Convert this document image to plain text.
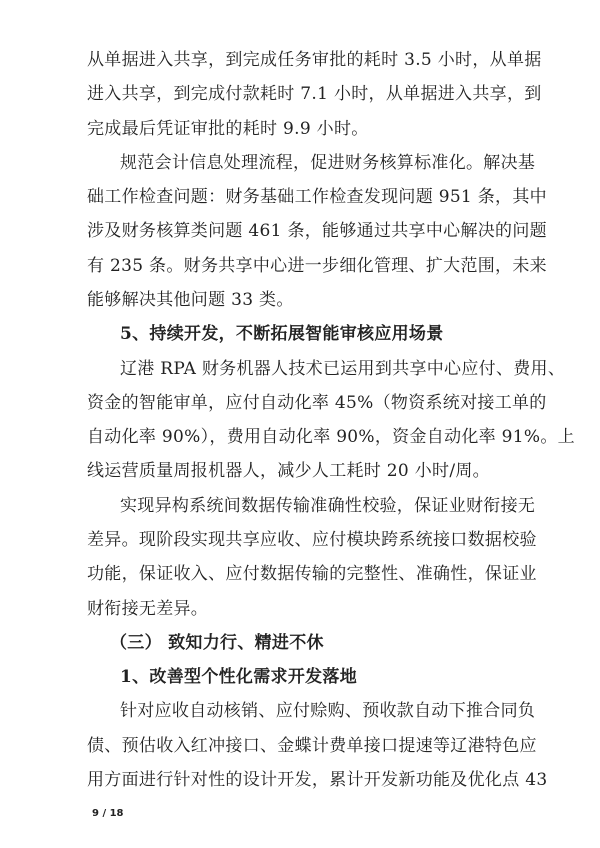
从单据进入共享，到完成任务审批的耗时 3.5 小时，从单据
进入共享，到完成付款耗时 7.1 小时，从单据进入共享，到
完成最后凭证审批的耗时 9.9 小时。
规范会计信息处理流程，促进财务核算标准化。解决基
础工作检查问题：财务基础工作检查发现问题 951 条，其中
涉及财务核算类问题 461 条，能够通过共享中心解决的问题
有 235 条。财务共享中心进一步细化管理、扩大范围，未来
能够解决其他问题 33 类。
5、持续开发，不断拓展智能审核应用场景
辽港 RPA 财务机器人技术已运用到共享中心应付、费用、
资金的智能审单，应付自动化率 45%（物资系统对接工单的
自动化率 90%），费用自动化率 90%，资金自动化率 91%。上
线运营质量周报机器人，减少人工耗时 20 小时/周。
实现异构系统间数据传输准确性校验，保证业财衔接无
差异。现阶段实现共享应收、应付模块跨系统接口数据校验
功能，保证收入、应付数据传输的完整性、准确性，保证业
财衔接无差异。
（三） 致知力行、精进不休
1、改善型个性化需求开发落地
针对应收自动核销、应付赊购、预收款自动下推合同负
债、预估收入红冲接口、金蝶计费单接口提速等辽港特色应
用方面进行针对性的设计开发，累计开发新功能及优化点 43
9 / 18
